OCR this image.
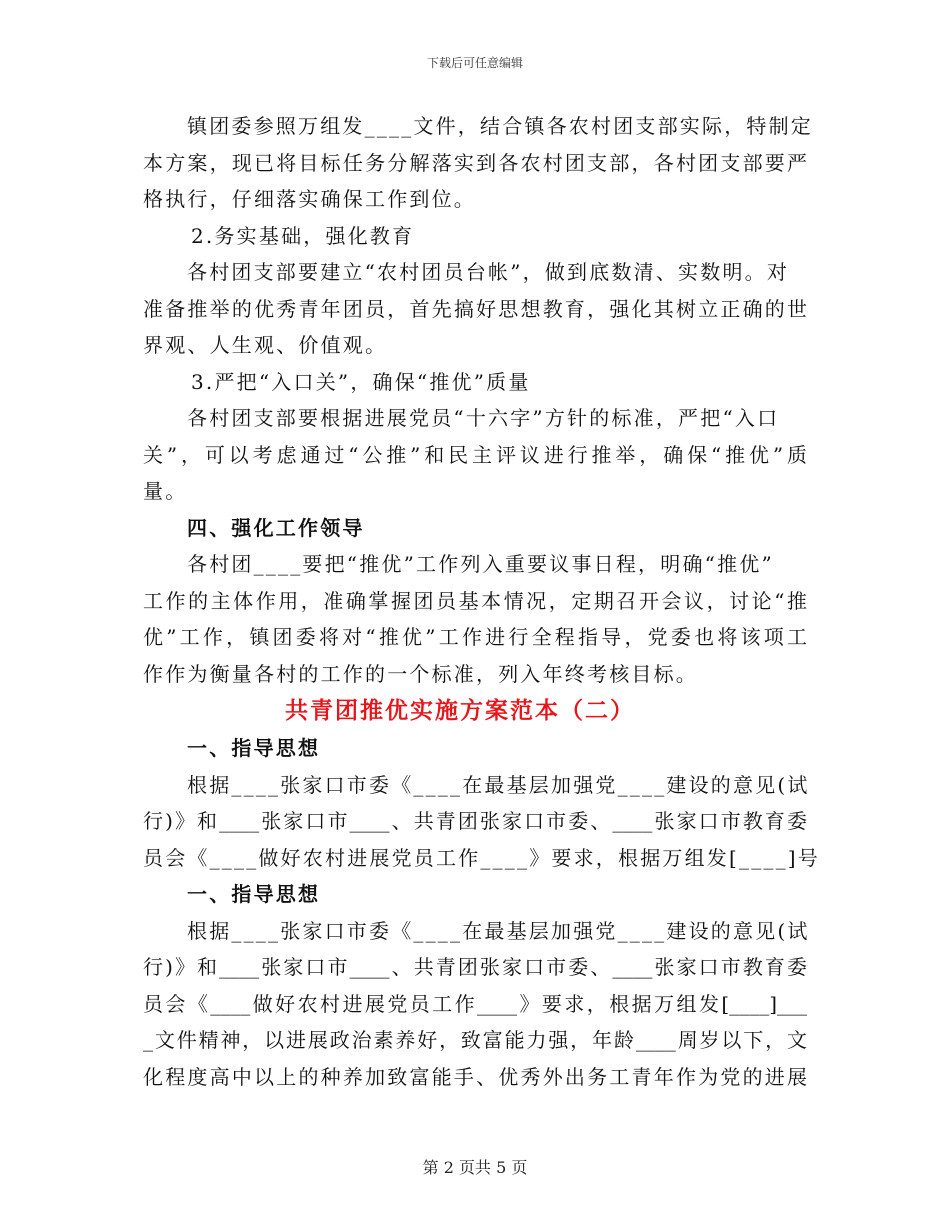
下载后可任意编辑
镇团委参照万组发____文件，结合镇各农村团支部实际，特制定
本方案，现已将目标任务分解落实到各农村团支部，各村团支部要严
格执行，仔细落实确保工作到位。
2.务实基础，强化教育
各村团支部要建立“农村团员台帐”，做到底数清、实数明。对
准备推举的优秀青年团员，首先搞好思想教育，强化其树立正确的世
界观、人生观、价值观。
3.严把“入口关”，确保“推优”质量
各村团支部要根据进展党员“十六字”方针的标准，严把“入口
关”，可以考虑通过“公推”和民主评议进行推举，确保“推优”质
量。
四、强化工作领导
各村团____要把“推优”工作列入重要议事日程，明确“推优”
工作的主体作用，准确掌握团员基本情况，定期召开会议，讨论“推
优”工作，镇团委将对“推优”工作进行全程指导，党委也将该项工
作作为衡量各村的工作的一个标准，列入年终考核目标。
共青团推优实施方案范本（二）
一、指导思想
根据____张家口市委《____在最基层加强党____建设的意见(试
行)》和____张家口市____、共青团张家口市委、____张家口市教育委
员会《____做好农村进展党员工作____》要求，根据万组发[____]号
一、指导思想
根据____张家口市委《____在最基层加强党____建设的意见(试
行)》和____张家口市____、共青团张家口市委、____张家口市教育委
员会《____做好农村进展党员工作____》要求，根据万组发[____]___
_文件精神，以进展政治素养好，致富能力强，年龄____周岁以下，文
化程度高中以上的种养加致富能手、优秀外出务工青年作为党的进展
第 2 页共 5 页
